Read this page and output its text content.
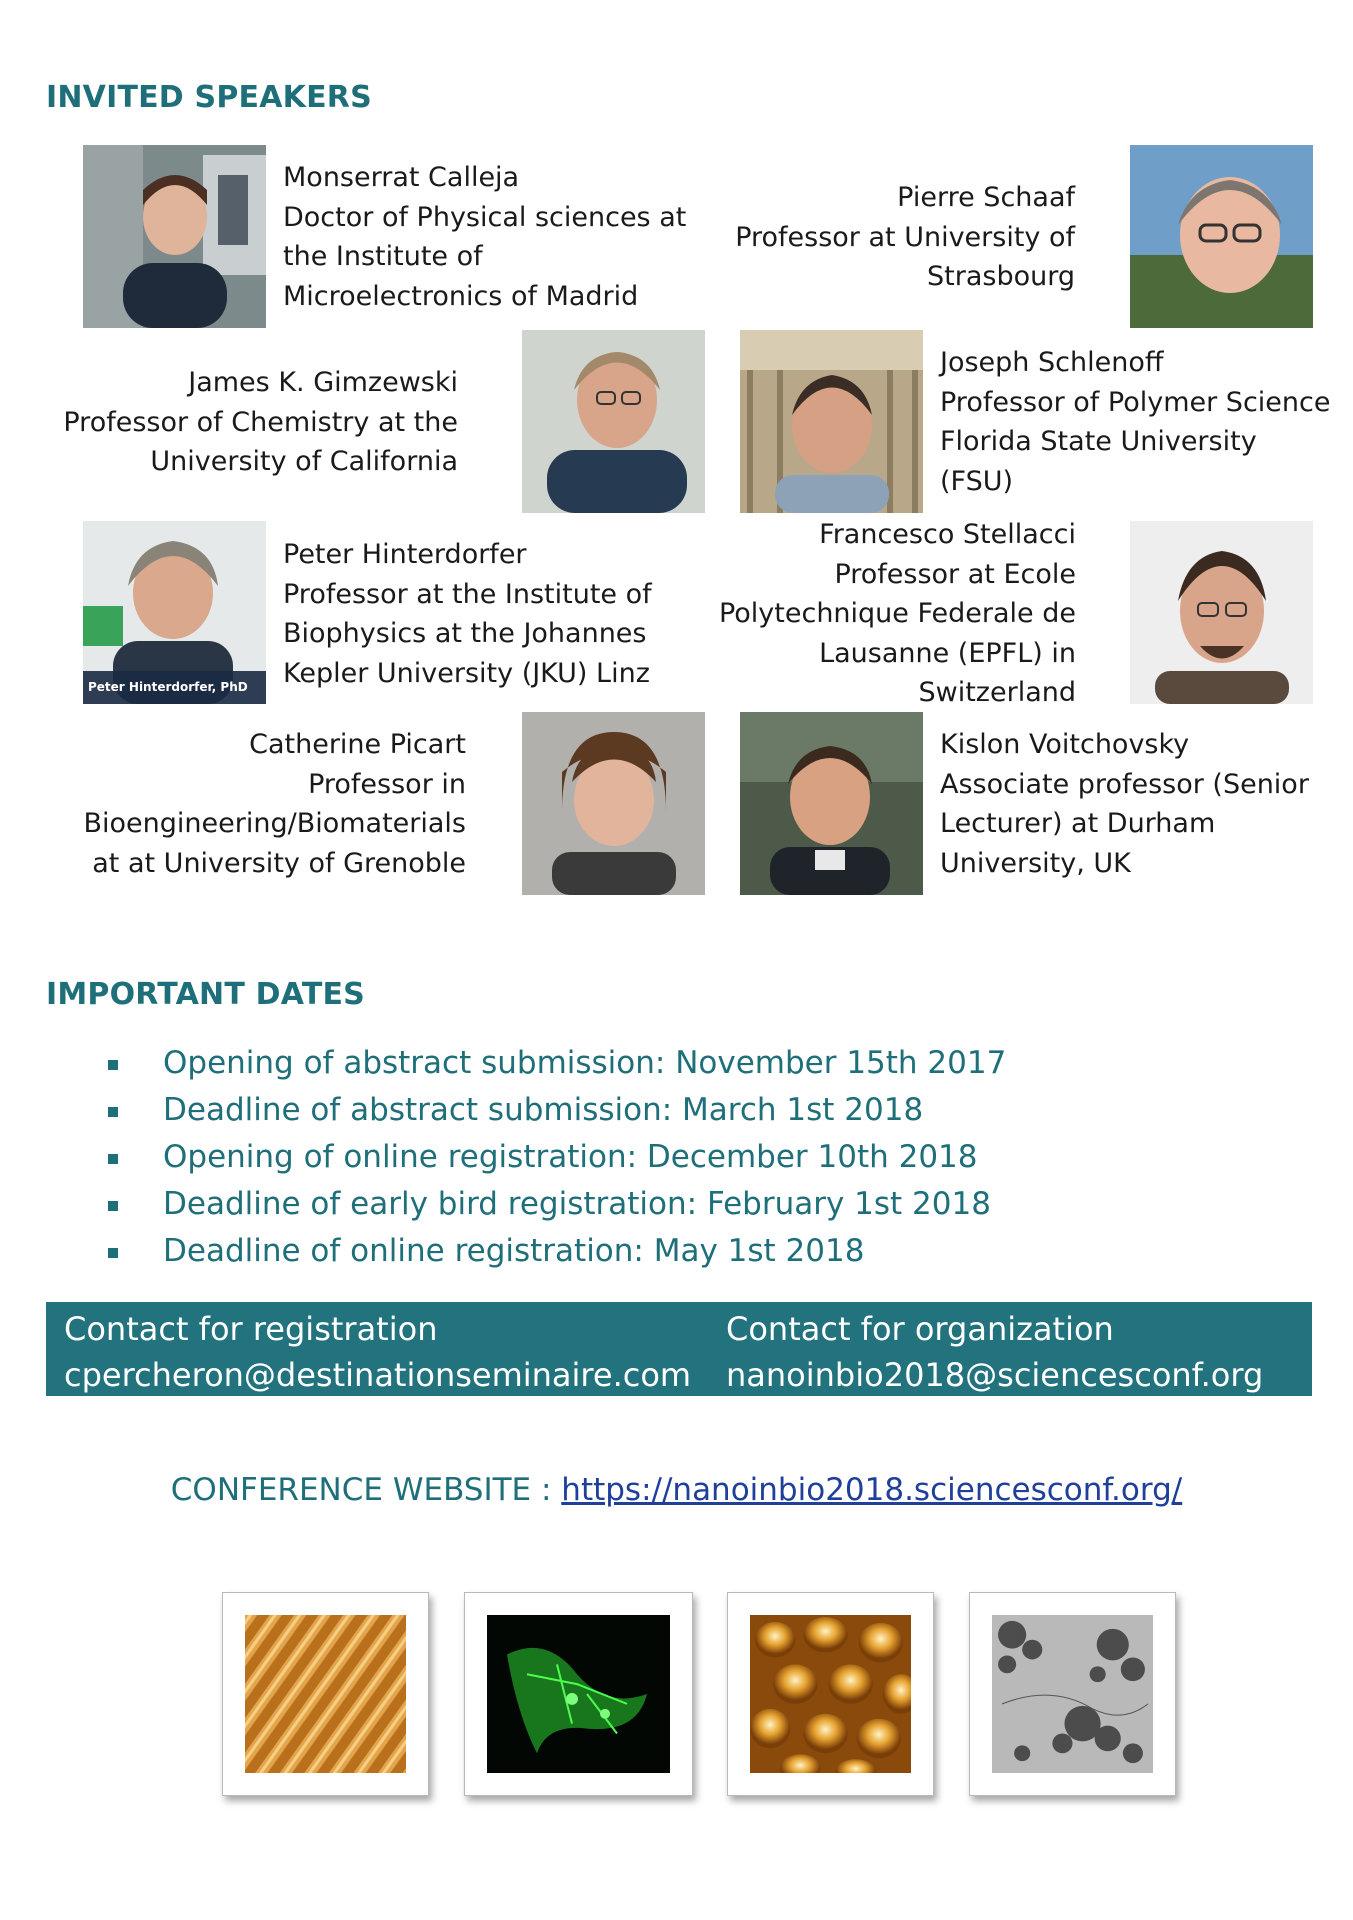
INVITED SPEAKERS
Monserrat Calleja
Doctor of Physical sciences at
the Institute of
Microelectronics of Madrid
Pierre Schaaf
Professor at University of
Strasbourg
James K. Gimzewski
Professor of Chemistry at the
University of California
Joseph Schlenoff
Professor of Polymer Science
Florida State University
(FSU)
Peter Hinterdorfer, PhD
Peter Hinterdorfer
Professor at the Institute of
Biophysics at the Johannes
Kepler University (JKU) Linz
Francesco Stellacci
Professor at Ecole
Polytechnique Federale de
Lausanne (EPFL) in
Switzerland
Catherine Picart
Professor in
Bioengineering/Biomaterials
at at University of Grenoble
Kislon Voitchovsky
Associate professor (Senior
Lecturer) at Durham
University, UK
IMPORTANT DATES
Opening of abstract submission: November 15th 2017
Deadline of abstract submission: March 1st 2018
Opening of online registration: December 10th 2018
Deadline of early bird registration: February 1st 2018
Deadline of online registration: May 1st 2018
Contact for registration
cpercheron@destinationseminaire.com
Contact for organization
nanoinbio2018@sciencesconf.org
CONFERENCE WEBSITE : https://nanoinbio2018.sciencesconf.org/
